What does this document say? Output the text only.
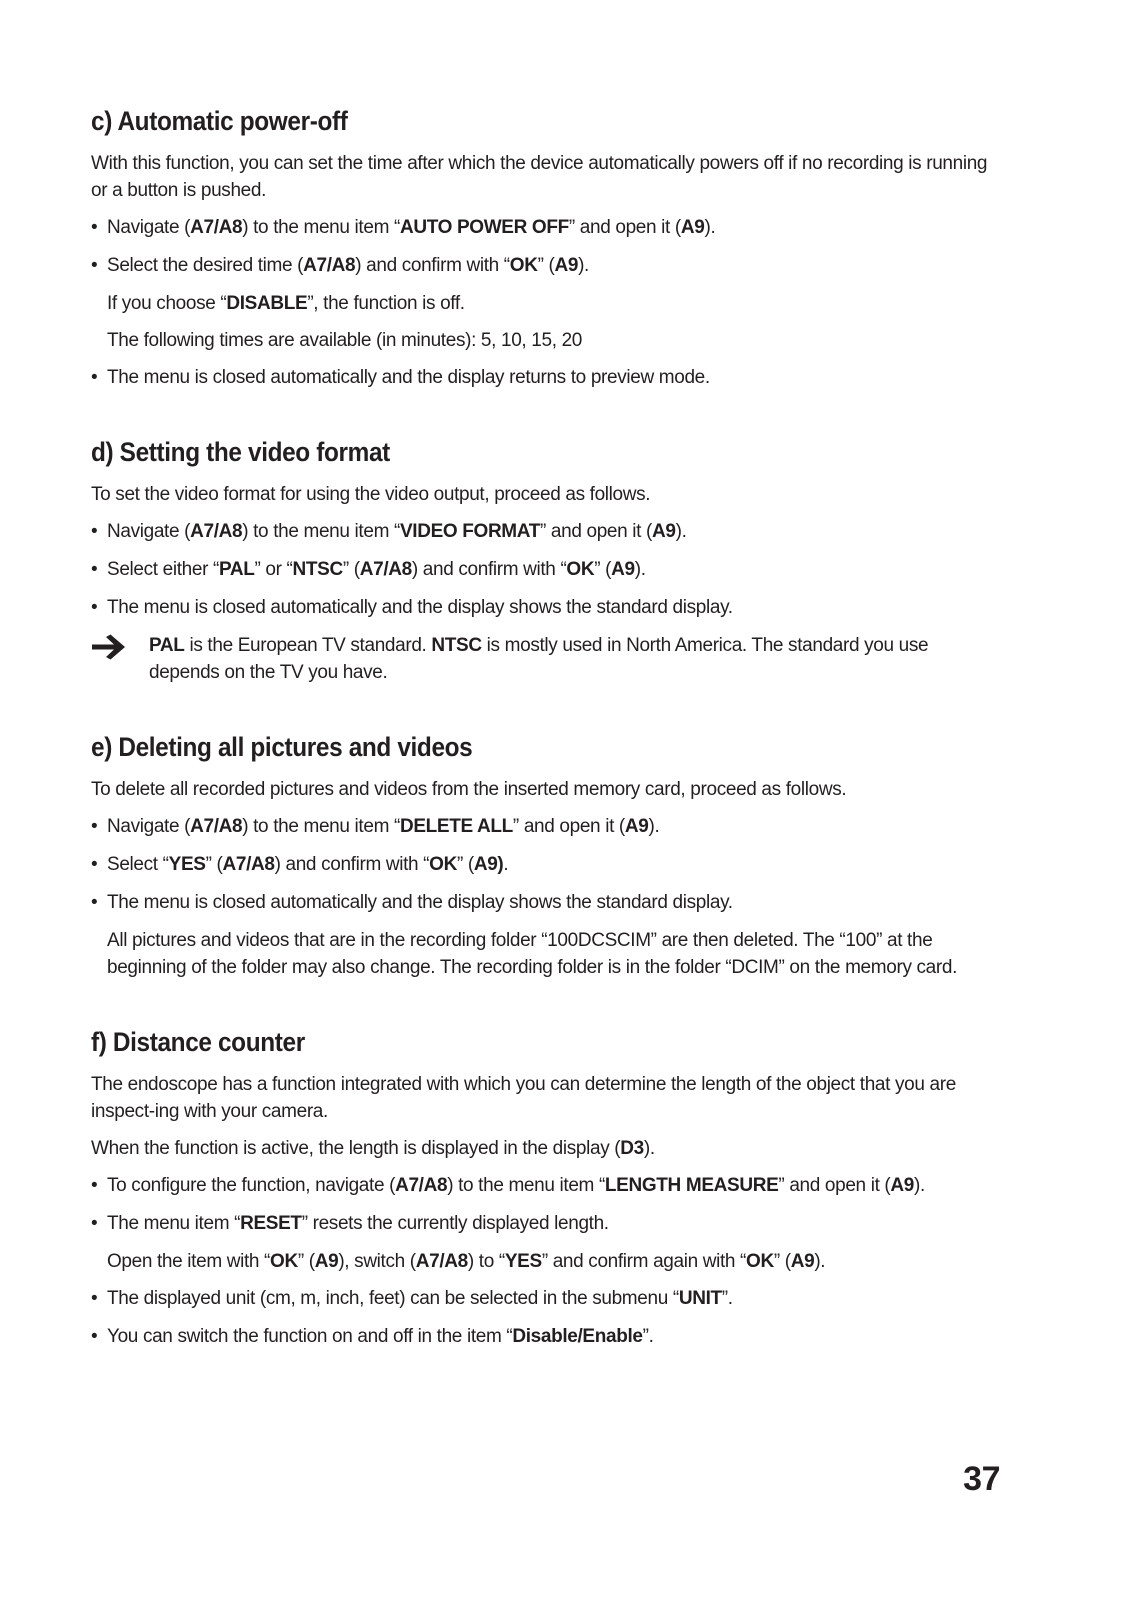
c) Automatic power-off
With this function, you can set the time after which the device automatically powers off if no recording is running or a button is pushed.
• Navigate (A7/A8) to the menu item “AUTO POWER OFF” and open it (A9).
• Select the desired time (A7/A8) and confirm with “OK” (A9).
If you choose “DISABLE”, the function is off.
The following times are available (in minutes): 5, 10, 15, 20
• The menu is closed automatically and the display returns to preview mode.
d) Setting the video format
To set the video format for using the video output, proceed as follows.
• Navigate (A7/A8) to the menu item “VIDEO FORMAT” and open it (A9).
• Select either “PAL” or “NTSC” (A7/A8) and confirm with “OK” (A9).
• The menu is closed automatically and the display shows the standard display.
PAL is the European TV standard. NTSC is mostly used in North America. The standard you use depends on the TV you have.
e) Deleting all pictures and videos
To delete all recorded pictures and videos from the inserted memory card, proceed as follows.
• Navigate (A7/A8) to the menu item “DELETE ALL” and open it (A9).
• Select “YES” (A7/A8) and confirm with “OK” (A9).
• The menu is closed automatically and the display shows the standard display.
All pictures and videos that are in the recording folder “100DCSCIM” are then deleted. The “100” at the beginning of the folder may also change. The recording folder is in the folder “DCIM” on the memory card.
f) Distance counter
The endoscope has a function integrated with which you can determine the length of the object that you are inspect-ing with your camera.
When the function is active, the length is displayed in the display (D3).
• To configure the function, navigate (A7/A8) to the menu item “LENGTH MEASURE” and open it (A9).
• The menu item “RESET” resets the currently displayed length.
Open the item with “OK” (A9), switch (A7/A8) to “YES” and confirm again with “OK” (A9).
• The displayed unit (cm, m, inch, feet) can be selected in the submenu “UNIT”.
• You can switch the function on and off in the item “Disable/Enable”.
37
